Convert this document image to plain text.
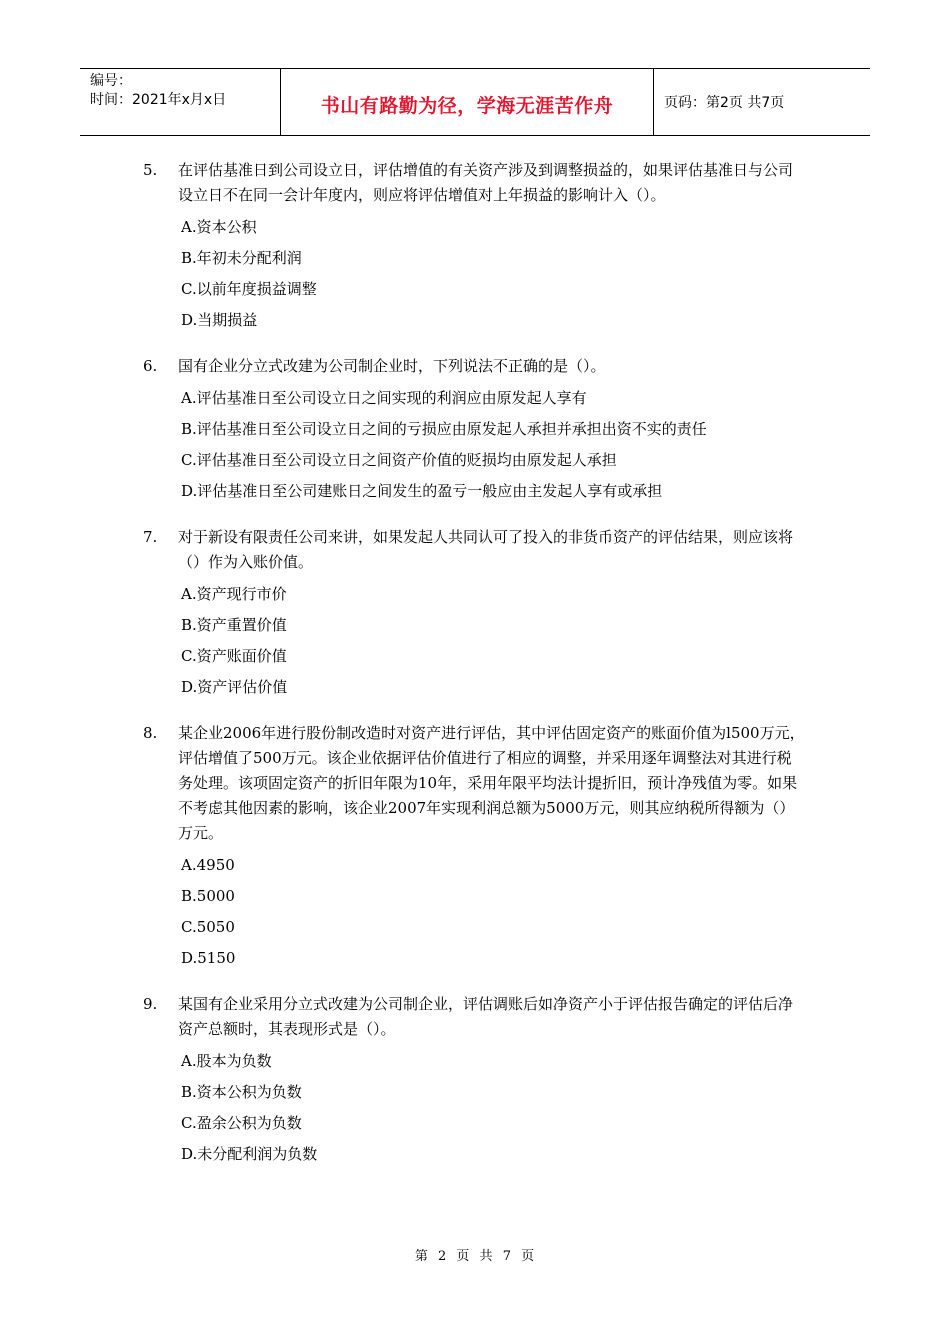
编号：
时间：2021年x月x日	书山有路勤为径，学海无涯苦作舟	页码：第2页 共7页
5.	在评估基准日到公司设立日，评估增值的有关资产涉及到调整损益的，如果评估基准日与公司设立日不在同一会计年度内，则应将评估增值对上年损益的影响计入（）。
A.资本公积
B.年初未分配利润
C.以前年度损益调整
D.当期损益
6.	国有企业分立式改建为公司制企业时，下列说法不正确的是（）。
A.评估基准日至公司设立日之间实现的利润应由原发起人享有
B.评估基准日至公司设立日之间的亏损应由原发起人承担并承担出资不实的责任
C.评估基准日至公司设立日之间资产价值的贬损均由原发起人承担
D.评估基准日至公司建账日之间发生的盈亏一般应由主发起人享有或承担
7.	对于新设有限责任公司来讲，如果发起人共同认可了投入的非货币资产的评估结果，则应该将（）作为入账价值。
A.资产现行市价
B.资产重置价值
C.资产账面价值
D.资产评估价值
8.	某企业2006年进行股份制改造时对资产进行评估，其中评估固定资产的账面价值为l500万元，评估增值了500万元。该企业依据评估价值进行了相应的调整，并采用逐年调整法对其进行税务处理。该项固定资产的折旧年限为10年，采用年限平均法计提折旧，预计净残值为零。如果不考虑其他因素的影响，该企业2007年实现利润总额为5000万元，则其应纳税所得额为（）万元。
A.4950
B.5000
C.5050
D.5150
9.	某国有企业采用分立式改建为公司制企业，评估调账后如净资产小于评估报告确定的评估后净资产总额时，其表现形式是（）。
A.股本为负数
B.资本公积为负数
C.盈余公积为负数
D.未分配利润为负数
第 2 页 共 7 页
